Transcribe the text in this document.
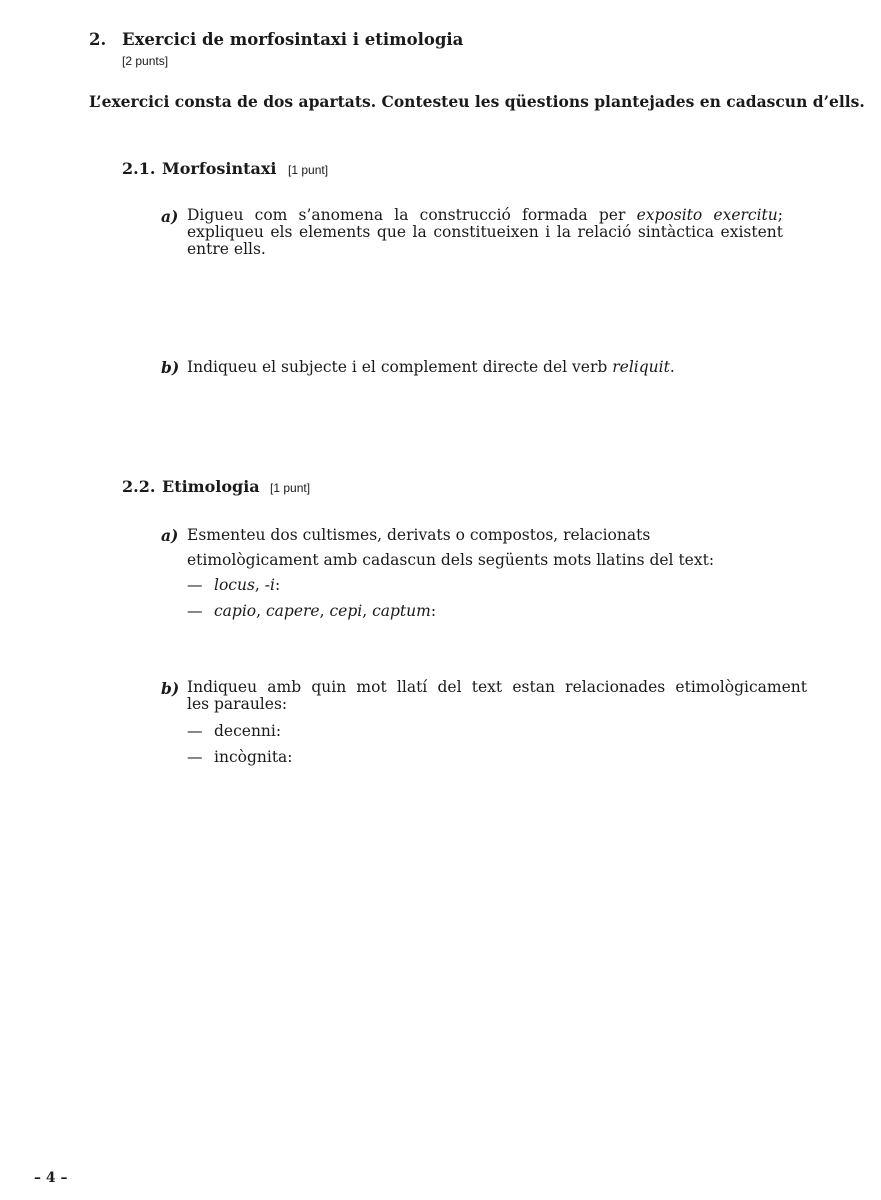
2. Exercici de morfosintaxi i etimologia
[2 punts]
L’exercici consta de dos apartats. Contesteu les qüestions plantejades en cadascun d’ells.
2.1. Morfosintaxi [1 punt]
a) Digueu com s’anomena la construcció formada per exposito exercitu;
expliqueu els elements que la constitueixen i la relació sintàctica existent
entre ells.
b) Indiqueu el subjecte i el complement directe del verb reliquit.
2.2. Etimologia [1 punt]
a) Esmenteu dos cultismes, derivats o compostos, relacionats
etimològicament amb cadascun dels següents mots llatins del text:
— locus, -i:
— capio, capere, cepi, captum:
b) Indiqueu amb quin mot llatí del text estan relacionades etimològicament
les paraules:
— decenni:
— incògnita:
– 4 –
